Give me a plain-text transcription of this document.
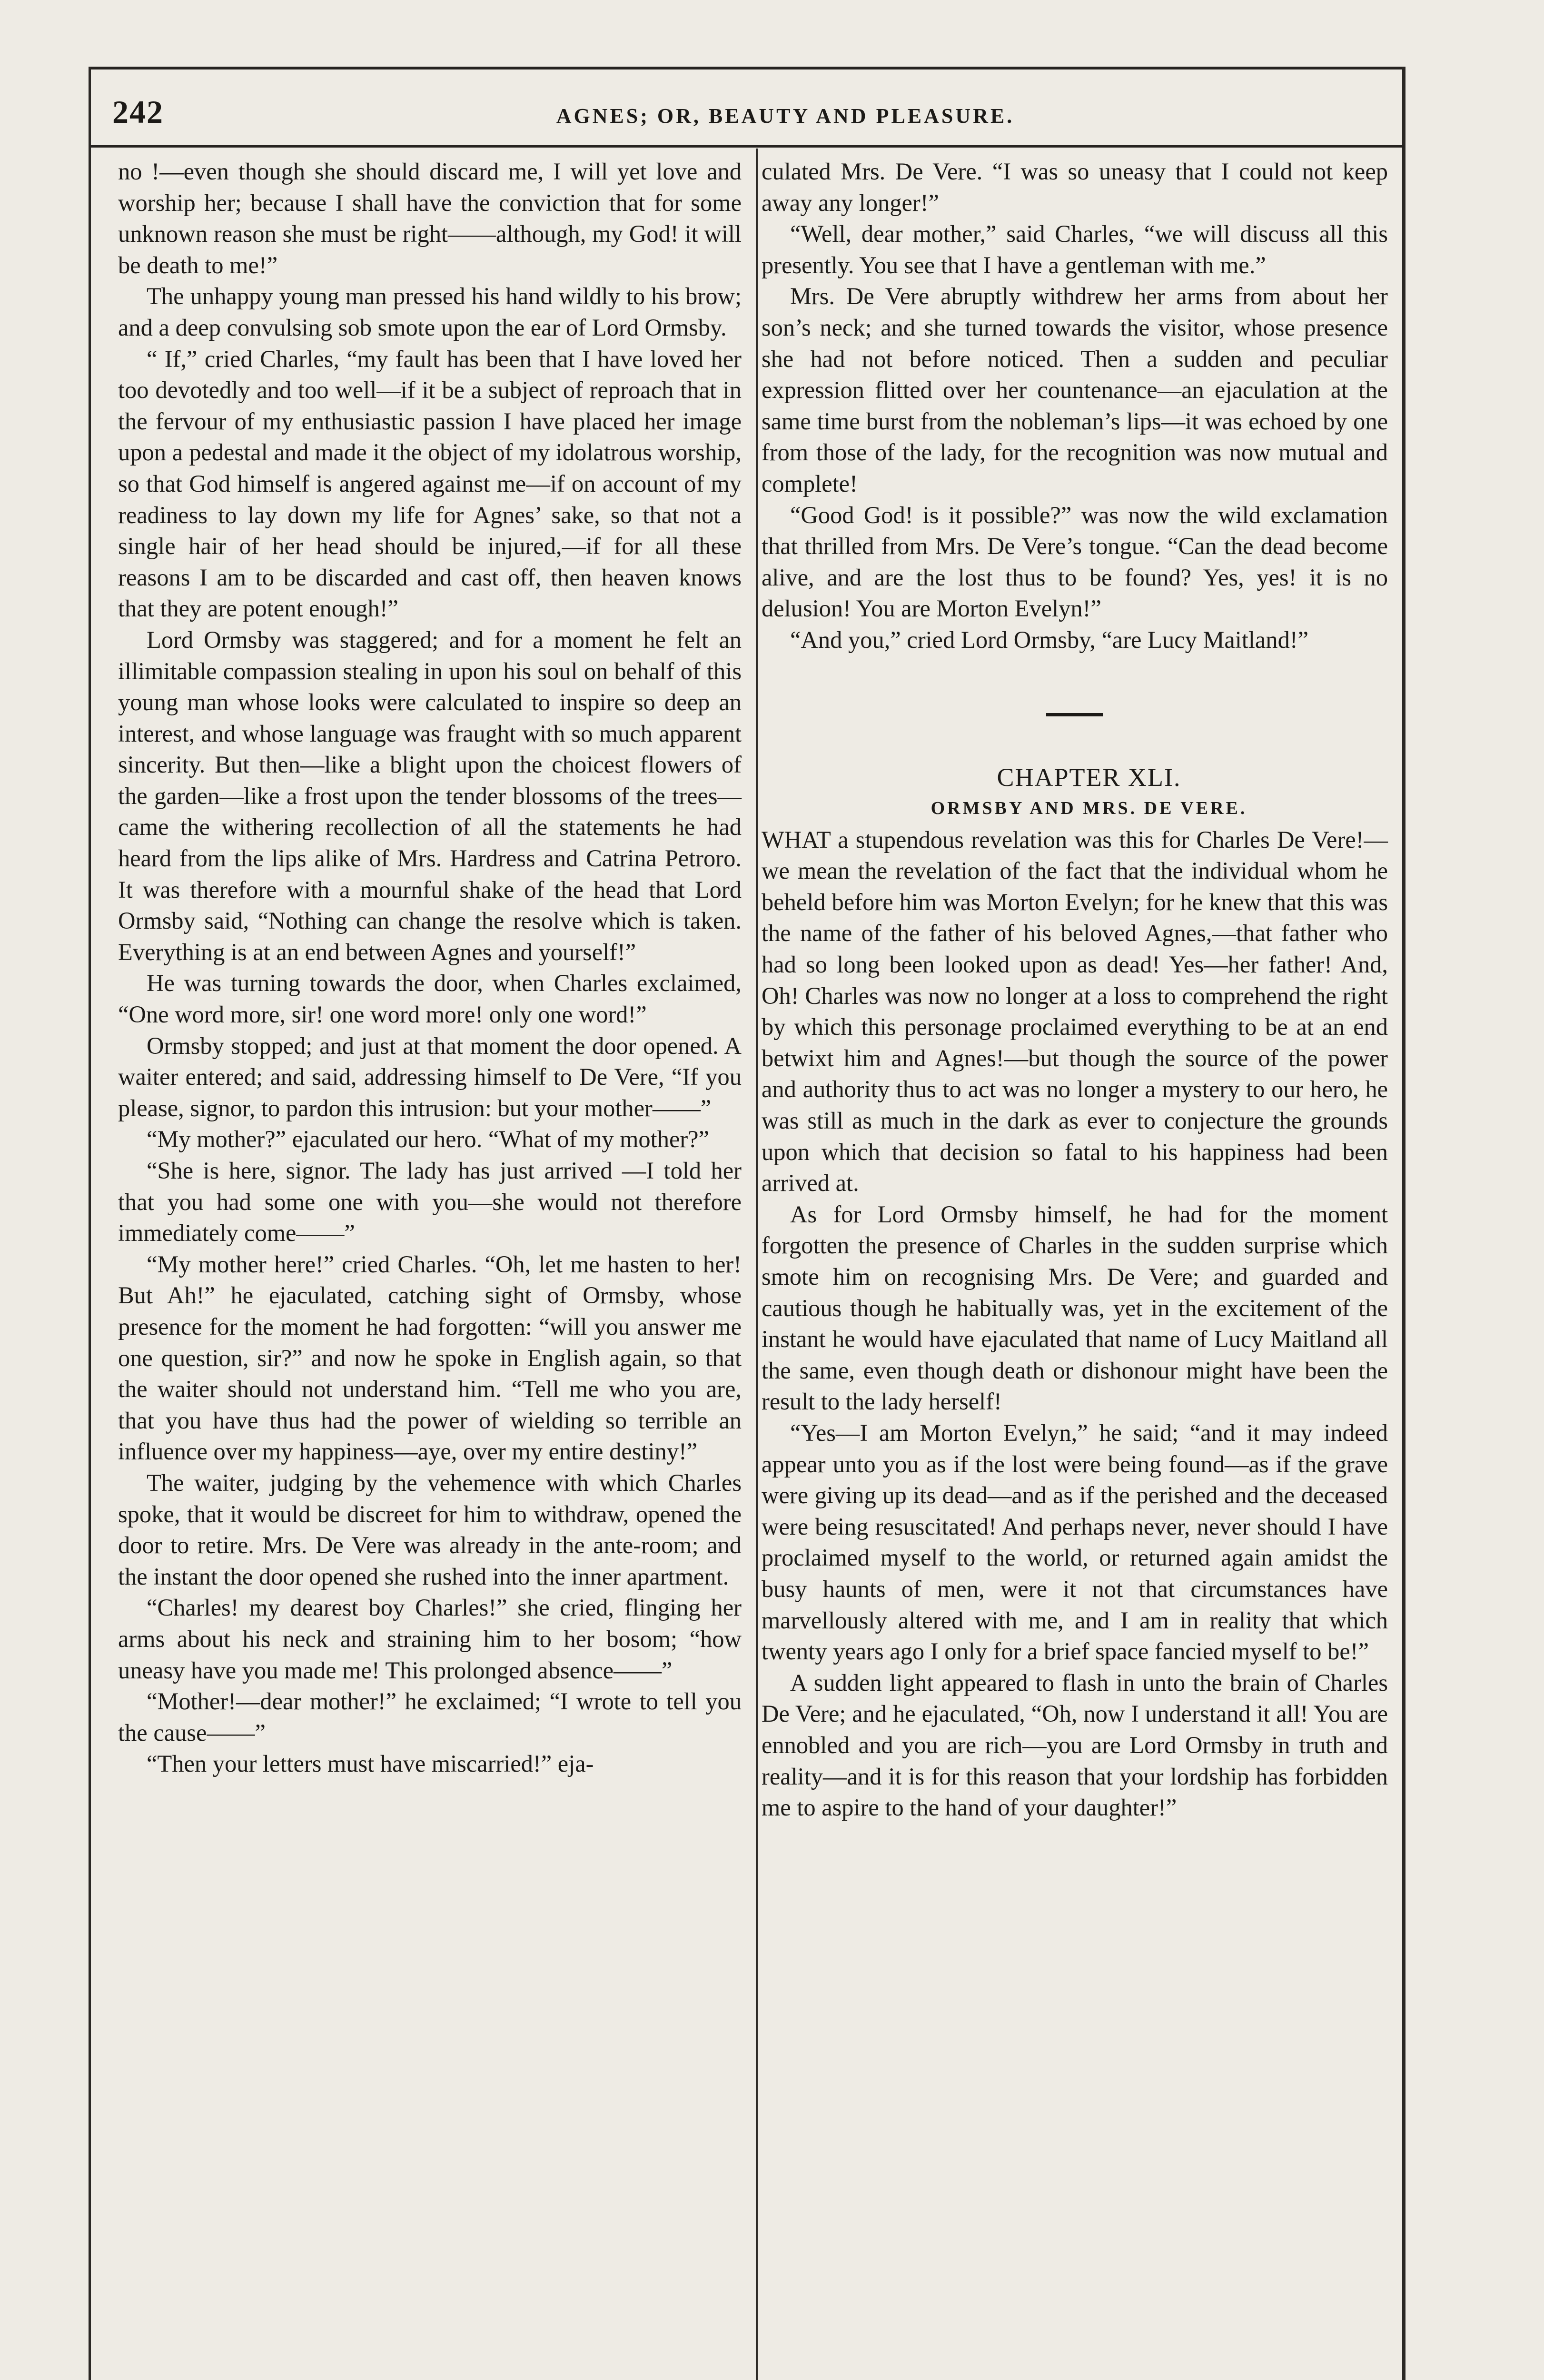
242	AGNES; OR, BEAUTY AND PLEASURE.

no !—even though she should discard me, I will yet love and worship her; because I shall have the conviction that for some unknown reason she must be right——although, my God! it will be death to me!”

The unhappy young man pressed his hand wildly to his brow; and a deep convulsing sob smote upon the ear of Lord Ormsby.

“ If,” cried Charles, “my fault has been that I have loved her too devotedly and too well—if it be a subject of reproach that in the fervour of my enthusiastic passion I have placed her image upon a pedestal and made it the object of my idolatrous worship, so that God himself is angered against me—if on account of my readiness to lay down my life for Agnes’ sake, so that not a single hair of her head should be injured,—if for all these reasons I am to be discarded and cast off, then heaven knows that they are potent enough!”

Lord Ormsby was staggered; and for a moment he felt an illimitable compassion stealing in upon his soul on behalf of this young man whose looks were calculated to inspire so deep an interest, and whose language was fraught with so much apparent sincerity. But then—like a blight upon the choicest flowers of the garden—like a frost upon the tender blossoms of the trees—came the withering recollection of all the statements he had heard from the lips alike of Mrs. Hardress and Catrina Petroro. It was therefore with a mournful shake of the head that Lord Ormsby said, “Nothing can change the resolve which is taken. Everything is at an end between Agnes and yourself!”

He was turning towards the door, when Charles exclaimed, “One word more, sir! one word more! only one word!”

Ormsby stopped; and just at that moment the door opened. A waiter entered; and said, addressing himself to De Vere, “If you please, signor, to pardon this intrusion: but your mother——”

“My mother?” ejaculated our hero. “What of my mother?”

“She is here, signor. The lady has just arrived —I told her that you had some one with you—she would not therefore immediately come——”

“My mother here!” cried Charles. “Oh, let me hasten to her! But Ah!” he ejaculated, catching sight of Ormsby, whose presence for the moment he had forgotten: “will you answer me one question, sir?” and now he spoke in English again, so that the waiter should not understand him. “Tell me who you are, that you have thus had the power of wielding so terrible an influence over my happiness—aye, over my entire destiny!”

The waiter, judging by the vehemence with which Charles spoke, that it would be discreet for him to withdraw, opened the door to retire. Mrs. De Vere was already in the ante-room; and the instant the door opened she rushed into the inner apartment.

“Charles! my dearest boy Charles!” she cried, flinging her arms about his neck and straining him to her bosom; “how uneasy have you made me! This prolonged absence——”

“Mother!—dear mother!” he exclaimed; “I wrote to tell you the cause——”

“Then your letters must have miscarried!” eja-

culated Mrs. De Vere. “I was so uneasy that I could not keep away any longer!”

“Well, dear mother,” said Charles, “we will discuss all this presently. You see that I have a gentleman with me.”

Mrs. De Vere abruptly withdrew her arms from about her son’s neck; and she turned towards the visitor, whose presence she had not before noticed. Then a sudden and peculiar expression flitted over her countenance—an ejaculation at the same time burst from the nobleman’s lips—it was echoed by one from those of the lady, for the recognition was now mutual and complete!

“Good God! is it possible?” was now the wild exclamation that thrilled from Mrs. De Vere’s tongue. “Can the dead become alive, and are the lost thus to be found? Yes, yes! it is no delusion! You are Morton Evelyn!”

“And you,” cried Lord Ormsby, “are Lucy Maitland!”

CHAPTER XLI.

ORMSBY AND MRS. DE VERE.

WHAT a stupendous revelation was this for Charles De Vere!—we mean the revelation of the fact that the individual whom he beheld before him was Morton Evelyn; for he knew that this was the name of the father of his beloved Agnes,—that father who had so long been looked upon as dead! Yes—her father! And, Oh! Charles was now no longer at a loss to comprehend the right by which this personage proclaimed everything to be at an end betwixt him and Agnes!—but though the source of the power and authority thus to act was no longer a mystery to our hero, he was still as much in the dark as ever to conjecture the grounds upon which that decision so fatal to his happiness had been arrived at.

As for Lord Ormsby himself, he had for the moment forgotten the presence of Charles in the sudden surprise which smote him on recognising Mrs. De Vere; and guarded and cautious though he habitually was, yet in the excitement of the instant he would have ejaculated that name of Lucy Maitland all the same, even though death or dishonour might have been the result to the lady herself!

“Yes—I am Morton Evelyn,” he said; “and it may indeed appear unto you as if the lost were being found—as if the grave were giving up its dead—and as if the perished and the deceased were being resuscitated! And perhaps never, never should I have proclaimed myself to the world, or returned again amidst the busy haunts of men, were it not that circumstances have marvellously altered with me, and I am in reality that which twenty years ago I only for a brief space fancied myself to be!”

A sudden light appeared to flash in unto the brain of Charles De Vere; and he ejaculated, “Oh, now I understand it all! You are ennobled and you are rich—you are Lord Ormsby in truth and reality—and it is for this reason that your lordship has forbidden me to aspire to the hand of your daughter!”
